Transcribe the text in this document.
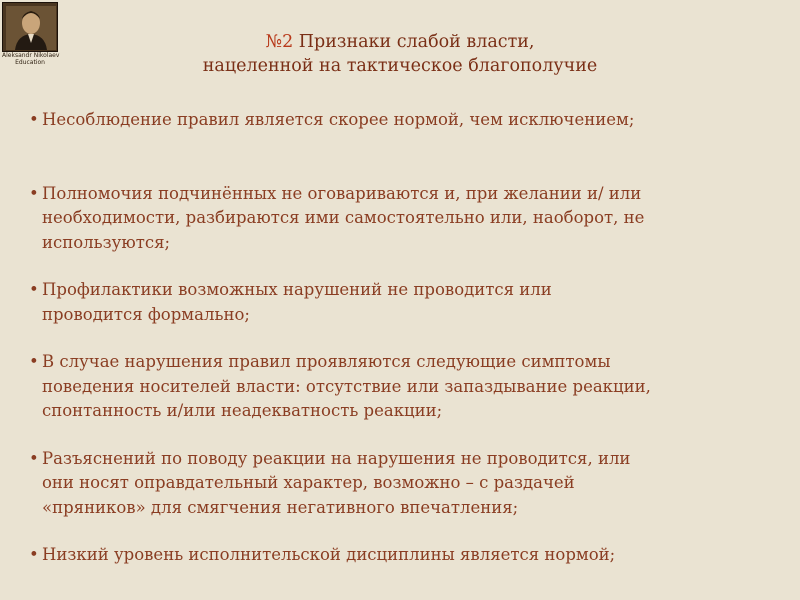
Aleksandr Nikolaev
Education
№2 Признаки слабой власти,
нацеленной на тактическое благополучие
• Несоблюдение правил является скорее нормой, чем исключением;
• Полномочия подчинённых не оговариваются и, при желании и/ или
необходимости, разбираются ими самостоятельно или, наоборот, не
используются;
• Профилактики возможных нарушений не проводится или
проводится формально;
• В случае нарушения правил проявляются следующие симптомы
поведения носителей власти: отсутствие или запаздывание реакции,
спонтанность и/или неадекватность реакции;
• Разъяснений по поводу реакции на нарушения не проводится, или
они носят оправдательный характер, возможно – с раздачей
«пряников» для смягчения негативного впечатления;
• Низкий уровень исполнительской дисциплины является нормой;
